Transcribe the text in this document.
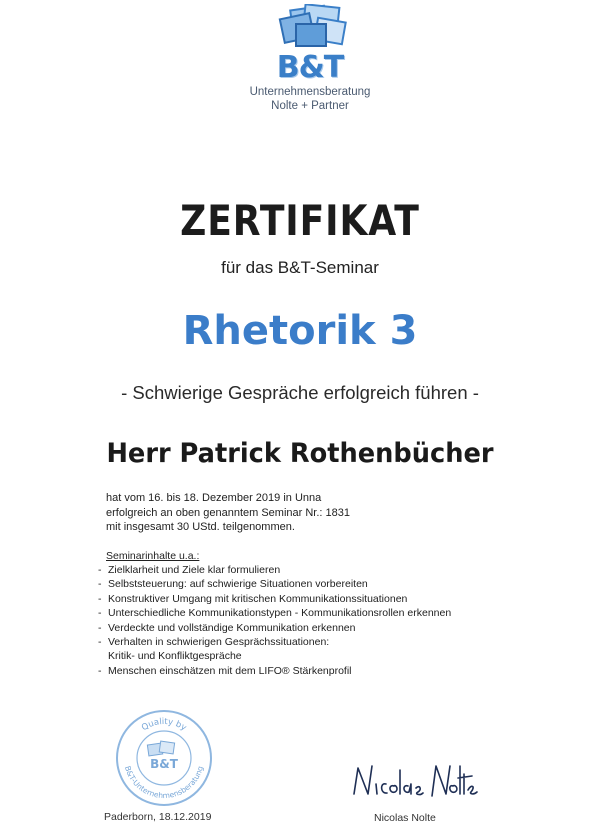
B&T
Unternehmensberatung
Nolte + Partner
ZERTIFIKAT
für das B&T-Seminar
Rhetorik 3
- Schwierige Gespräche erfolgreich führen -
Herr Patrick Rothenbücher
hat vom 16. bis 18. Dezember 2019 in Unna
erfolgreich an oben genanntem Seminar Nr.: 1831
mit insgesamt 30 UStd. teilgenommen.
Seminarinhalte u.a.:
- Zielklarheit und Ziele klar formulieren
- Selbststeuerung: auf schwierige Situationen vorbereiten
- Konstruktiver Umgang mit kritischen Kommunikationssituationen
- Unterschiedliche Kommunikationstypen - Kommunikationsrollen erkennen
- Verdeckte und vollständige Kommunikation erkennen
- Verhalten in schwierigen Gesprächssituationen:
Kritik- und Konfliktgespräche
- Menschen einschätzen mit dem LIFO® Stärkenprofil
Quality by
B&T-Unternehmensberatung
B&T
Paderborn, 18.12.2019	Nicolas Nolte
